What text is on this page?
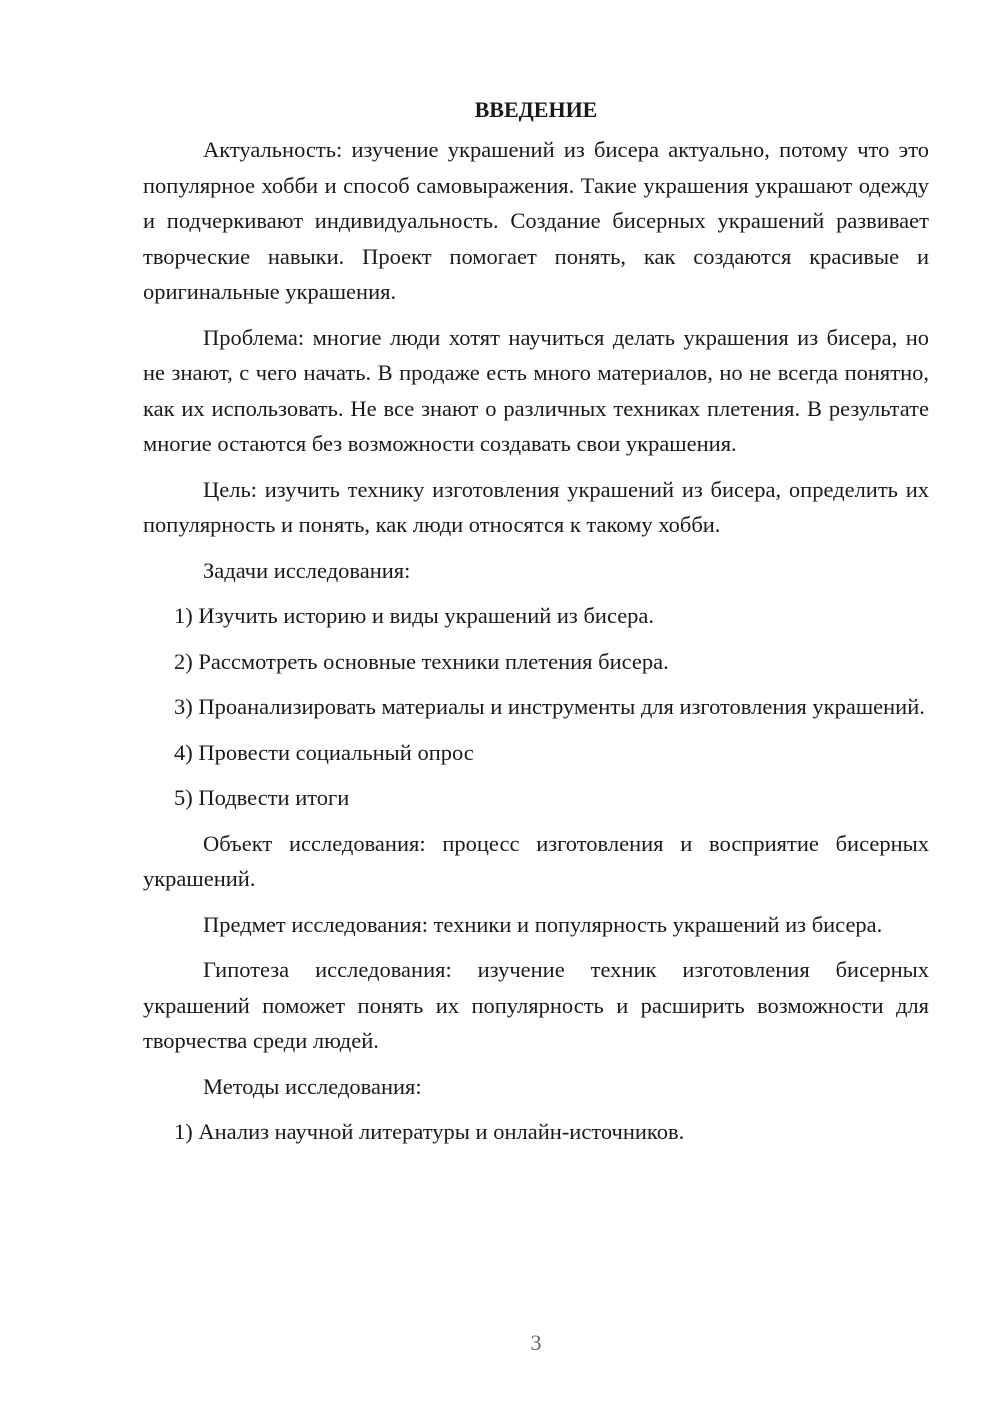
ВВЕДЕНИЕ

Актуальность: изучение украшений из бисера актуально, потому что это популярное хобби и способ самовыражения. Такие украшения украшают одежду и подчеркивают индивидуальность. Создание бисерных украшений развивает творческие навыки. Проект помогает понять, как создаются красивые и оригинальные украшения.

Проблема: многие люди хотят научиться делать украшения из бисера, но не знают, с чего начать. В продаже есть много материалов, но не всегда понятно, как их использовать. Не все знают о различных техниках плетения. В результате многие остаются без возможности создавать свои украшения.

Цель: изучить технику изготовления украшений из бисера, определить их популярность и понять, как люди относятся к такому хобби.

Задачи исследования:

1) Изучить историю и виды украшений из бисера.

2) Рассмотреть основные техники плетения бисера.

3) Проанализировать материалы и инструменты для изготовления украшений.

4) Провести социальный опрос

5) Подвести итоги

Объект исследования: процесс изготовления и восприятие бисерных украшений.

Предмет исследования: техники и популярность украшений из бисера.

Гипотеза исследования: изучение техник изготовления бисерных украшений поможет понять их популярность и расширить возможности для творчества среди людей.

Методы исследования:

1) Анализ научной литературы и онлайн-источников.

3
